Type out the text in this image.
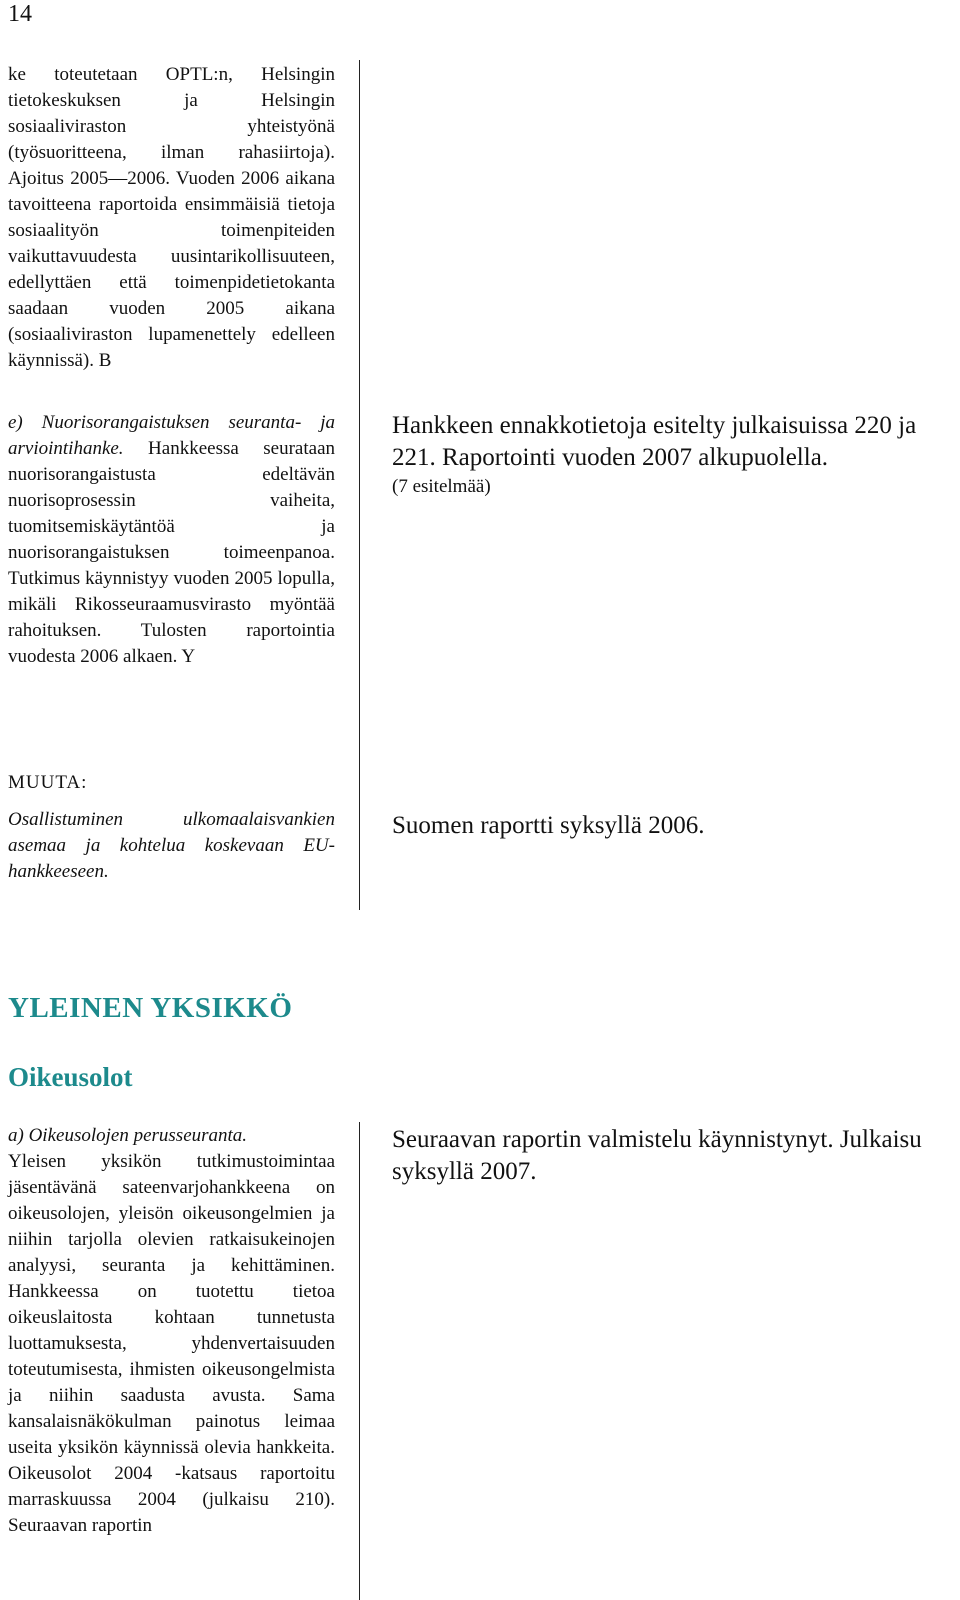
14

ke toteutetaan OPTL:n, Helsingin tietokeskuksen ja Helsingin sosiaaliviraston yhteistyönä (työsuoritteena, ilman rahasiirtoja). Ajoitus 2005—2006. Vuoden 2006 aikana tavoitteena raportoida ensimmäisiä tietoja sosiaalityön toimenpiteiden vaikuttavuudesta uusintarikollisuuteen, edellyttäen että toimenpidetietokanta saadaan vuoden 2005 aikana (sosiaaliviraston lupamenettely edelleen käynnissä). B

e) Nuorisorangaistuksen seuranta- ja arviointihanke. Hankkeessa seurataan nuorisorangaistusta edeltävän nuorisoprosessin vaiheita, tuomitsemiskäytäntöä ja nuorisorangaistuksen toimeenpanoa. Tutkimus käynnistyy vuoden 2005 lopulla, mikäli Rikosseuraamusvirasto myöntää rahoituksen. Tulosten raportointia vuodesta 2006 alkaen. Y

Hankkeen ennakkotietoja esitelty julkaisuissa 220 ja 221. Raportointi vuoden 2007 alkupuolella.

(7 esitelmää)

MUUTA:

Osallistuminen ulkomaalaisvankien asemaa ja kohtelua koskevaan EU-hankkeeseen.

Suomen raportti syksyllä 2006.

YLEINEN YKSIKKÖ
Oikeusolot

a) Oikeusolojen perusseuranta.

Yleisen yksikön tutkimustoimintaa jäsentävänä sateenvarjohankkeena on oikeusolojen, yleisön oikeusongelmien ja niihin tarjolla olevien ratkaisukeinojen analyysi, seuranta ja kehittäminen. Hankkeessa on tuotettu tietoa oikeuslaitosta kohtaan tunnetusta luottamuksesta, yhdenvertaisuuden toteutumisesta, ihmisten oikeusongelmista ja niihin saadusta avusta. Sama kansalaisnäkökulman painotus leimaa useita yksikön käynnissä olevia hankkeita. Oikeusolot 2004 -katsaus raportoitu marraskuussa 2004 (julkaisu 210). Seuraavan raportin

Seuraavan raportin valmistelu käynnistynyt. Julkaisu syksyllä 2007.
